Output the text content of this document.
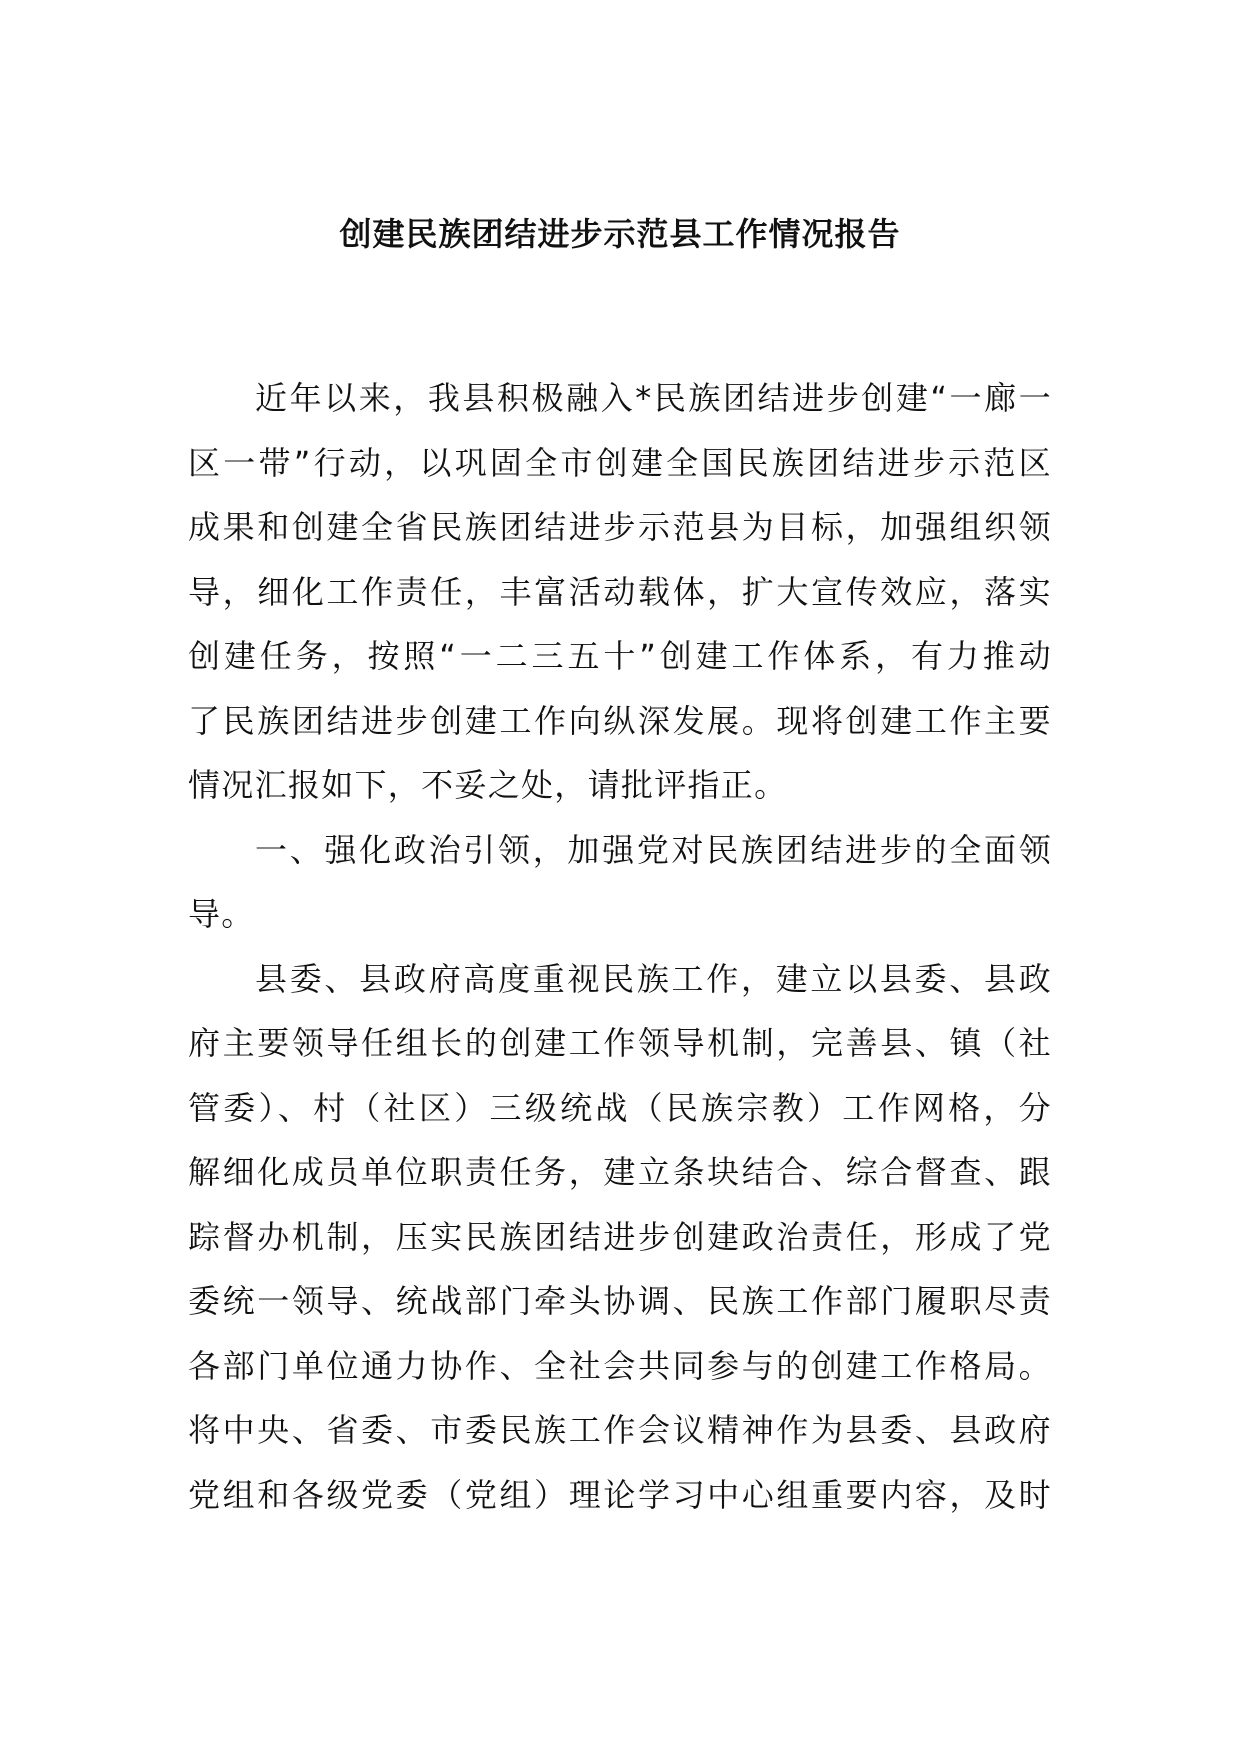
创建民族团结进步示范县工作情况报告
近年以来，我县积极融入*民族团结进步创建“一廊一
区一带”行动，以巩固全市创建全国民族团结进步示范区
成果和创建全省民族团结进步示范县为目标，加强组织领
导，细化工作责任，丰富活动载体，扩大宣传效应，落实
创建任务，按照“一二三五十”创建工作体系，有力推动
了民族团结进步创建工作向纵深发展。现将创建工作主要
情况汇报如下，不妥之处，请批评指正。
一、强化政治引领，加强党对民族团结进步的全面领
导。
县委、县政府高度重视民族工作，建立以县委、县政
府主要领导任组长的创建工作领导机制，完善县、镇（社
管委）、村（社区）三级统战（民族宗教）工作网格，分
解细化成员单位职责任务，建立条块结合、综合督查、跟
踪督办机制，压实民族团结进步创建政治责任，形成了党
委统一领导、统战部门牵头协调、民族工作部门履职尽责
各部门单位通力协作、全社会共同参与的创建工作格局。
将中央、省委、市委民族工作会议精神作为县委、县政府
党组和各级党委（党组）理论学习中心组重要内容，及时
